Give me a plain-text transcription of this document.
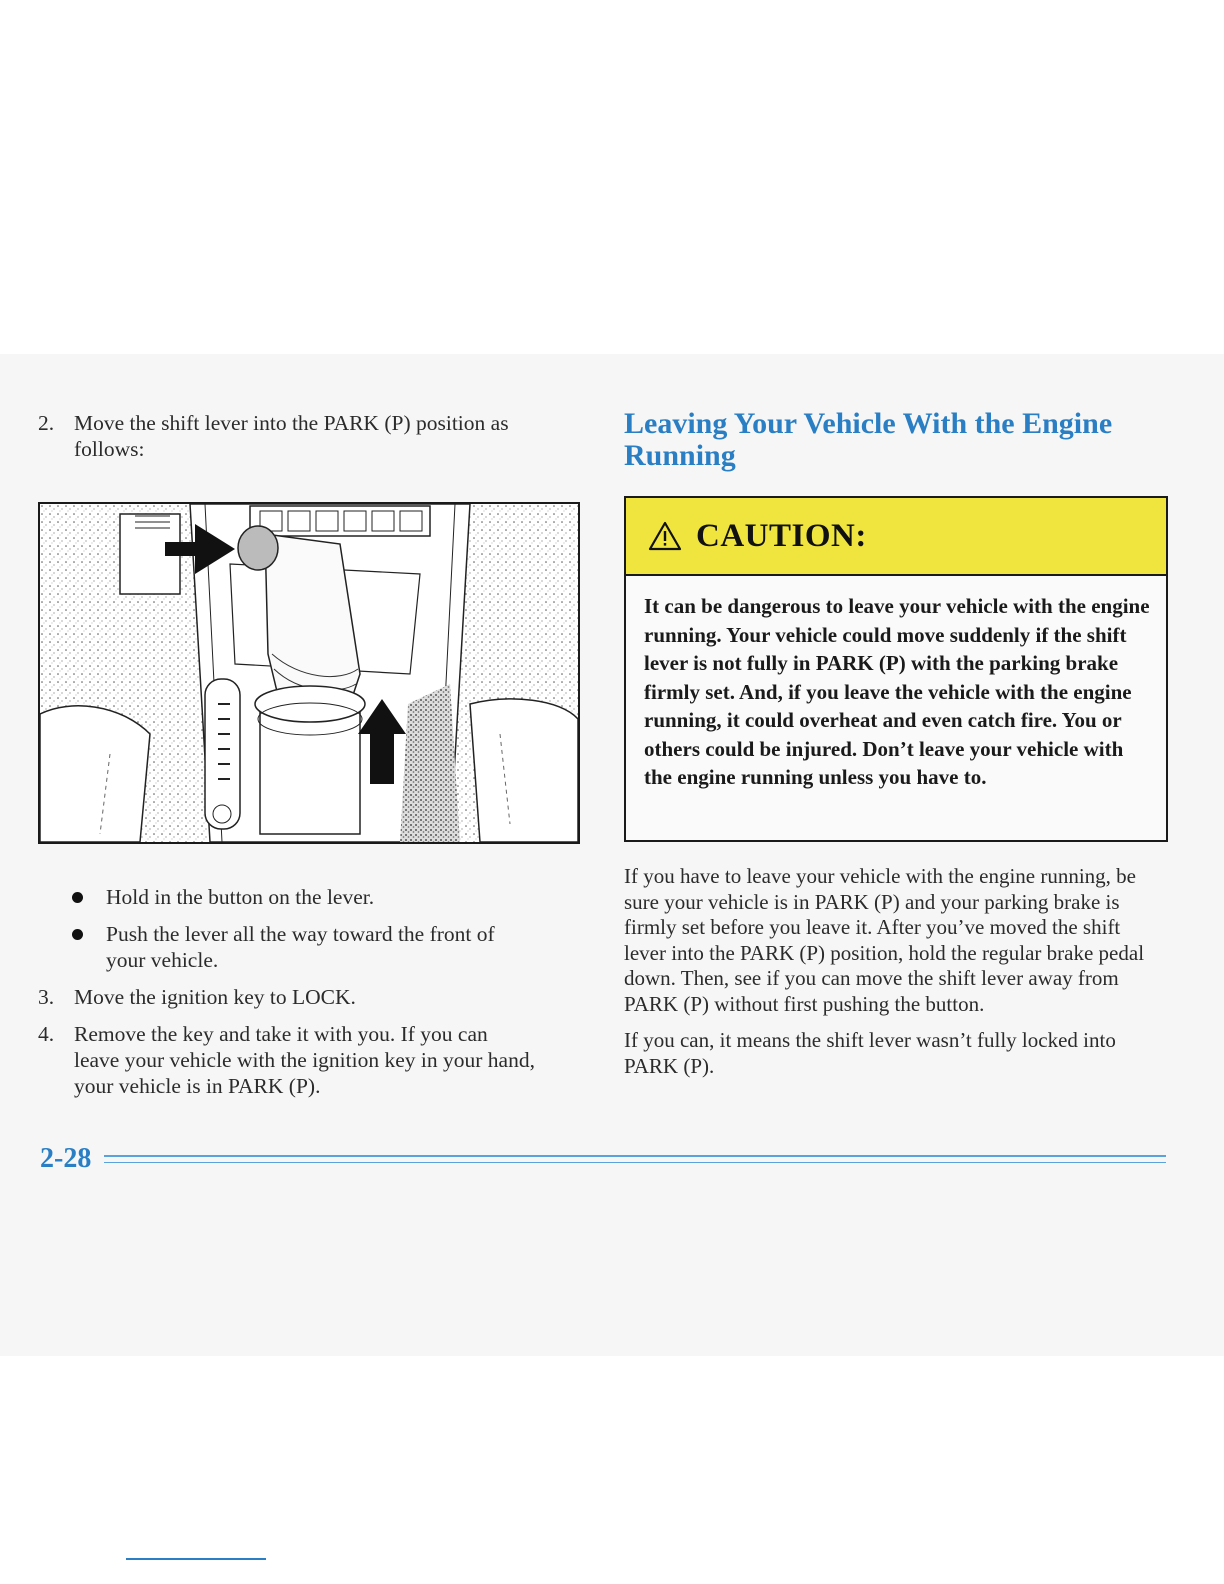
2. Move the shift lever into the PARK (P) position as follows:
Hold in the button on the lever.
Push the lever all the way toward the front of your vehicle.
3. Move the ignition key to LOCK.
4. Remove the key and take it with you. If you can leave your vehicle with the ignition key in your hand, your vehicle is in PARK (P).
Leaving Your Vehicle With the Engine Running
CAUTION:
It can be dangerous to leave your vehicle with the engine running. Your vehicle could move suddenly if the shift lever is not fully in PARK (P) with the parking brake firmly set. And, if you leave the vehicle with the engine running, it could overheat and even catch fire. You or others could be injured. Don’t leave your vehicle with the engine running unless you have to.

If you have to leave your vehicle with the engine running, be sure your vehicle is in PARK (P) and your parking brake is firmly set before you leave it. After you’ve moved the shift lever into the PARK (P) position, hold the regular brake pedal down. Then, see if you can move the shift lever away from PARK (P) without first pushing the button.

If you can, it means the shift lever wasn’t fully locked into PARK (P).

2-28
